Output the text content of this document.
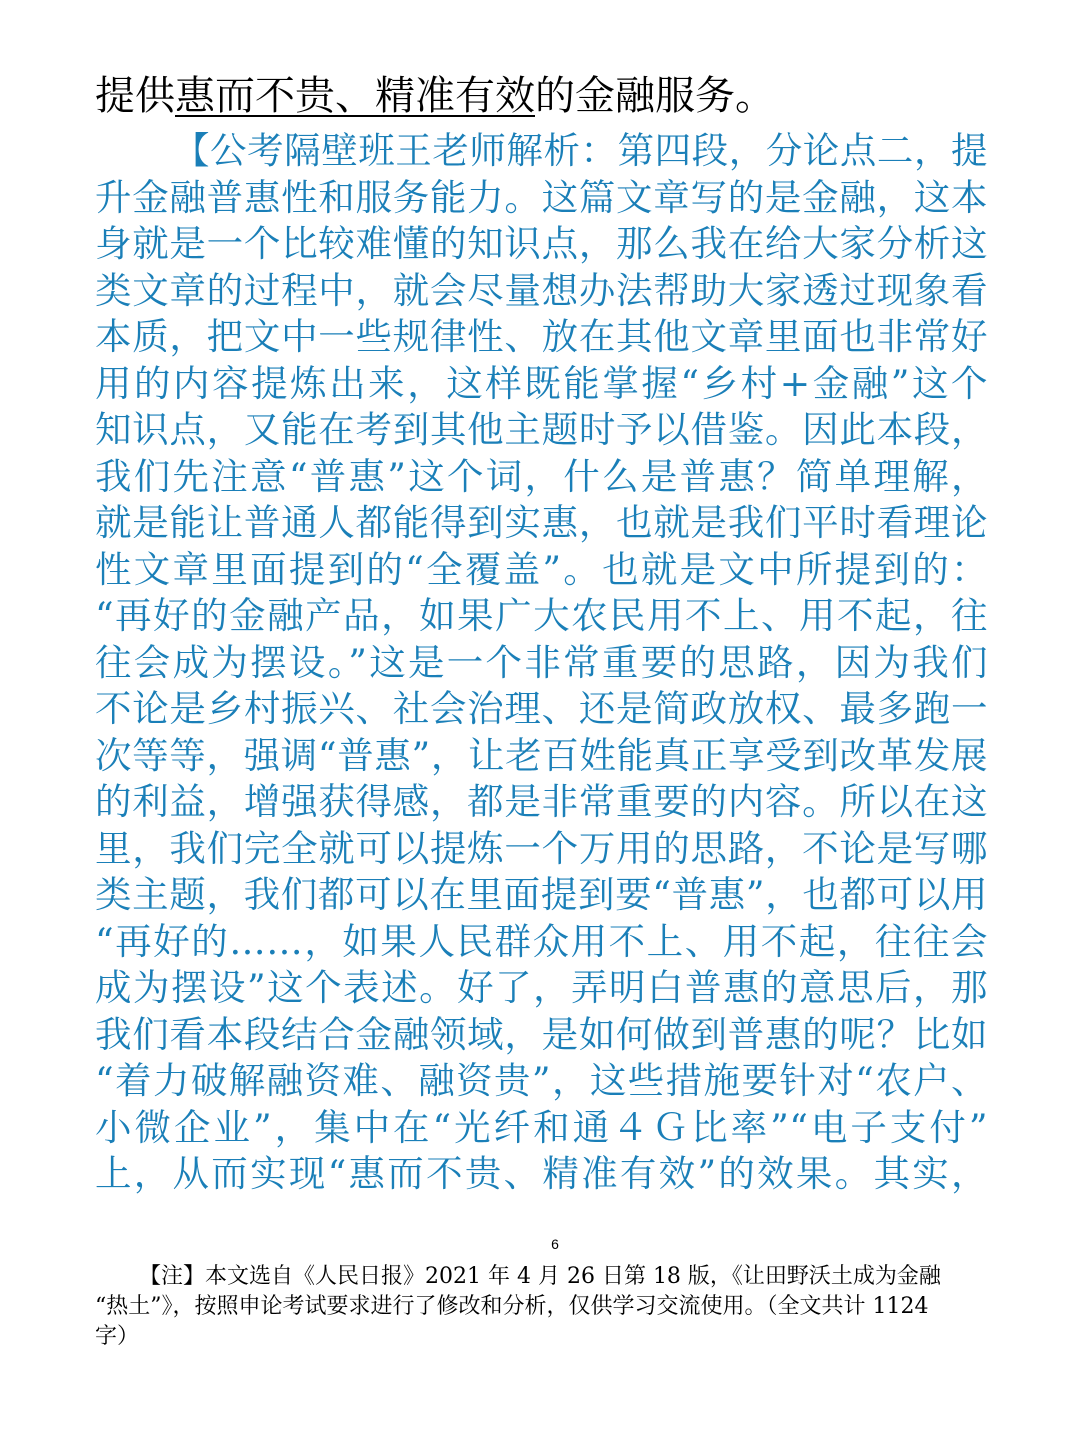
提供惠而不贵、精准有效的金融服务。
【公考隔壁班王老师解析：第四段，分论点二，提
升金融普惠性和服务能力。这篇文章写的是金融，这本
身就是一个比较难懂的知识点，那么我在给大家分析这
类文章的过程中，就会尽量想办法帮助大家透过现象看
本质，把文中一些规律性、放在其他文章里面也非常好
用的内容提炼出来，这样既能掌握“乡村+金融”这个
知识点，又能在考到其他主题时予以借鉴。因此本段，
我们先注意“普惠”这个词，什么是普惠？简单理解，
就是能让普通人都能得到实惠，也就是我们平时看理论
性文章里面提到的“全覆盖”。也就是文中所提到的：
“再好的金融产品，如果广大农民用不上、用不起，往
往会成为摆设。”这是一个非常重要的思路，因为我们
不论是乡村振兴、社会治理、还是简政放权、最多跑一
次等等，强调“普惠”，让老百姓能真正享受到改革发展
的利益，增强获得感，都是非常重要的内容。所以在这
里，我们完全就可以提炼一个万用的思路，不论是写哪
类主题，我们都可以在里面提到要“普惠”，也都可以用
“再好的……，如果人民群众用不上、用不起，往往会
成为摆设”这个表述。好了，弄明白普惠的意思后，那
我们看本段结合金融领域，是如何做到普惠的呢？比如
“着力破解融资难、融资贵”，这些措施要针对“农户、
小微企业”，集中在“光纤和通４Ｇ比率”“电子支付”
上，从而实现“惠而不贵、精准有效”的效果。其实，
6
【注】本文选自《人民日报》2021 年 4 月 26 日第 18 版，《让田野沃土成为金融
“热土”》，按照申论考试要求进行了修改和分析，仅供学习交流使用。（全文共计 1124
字）
